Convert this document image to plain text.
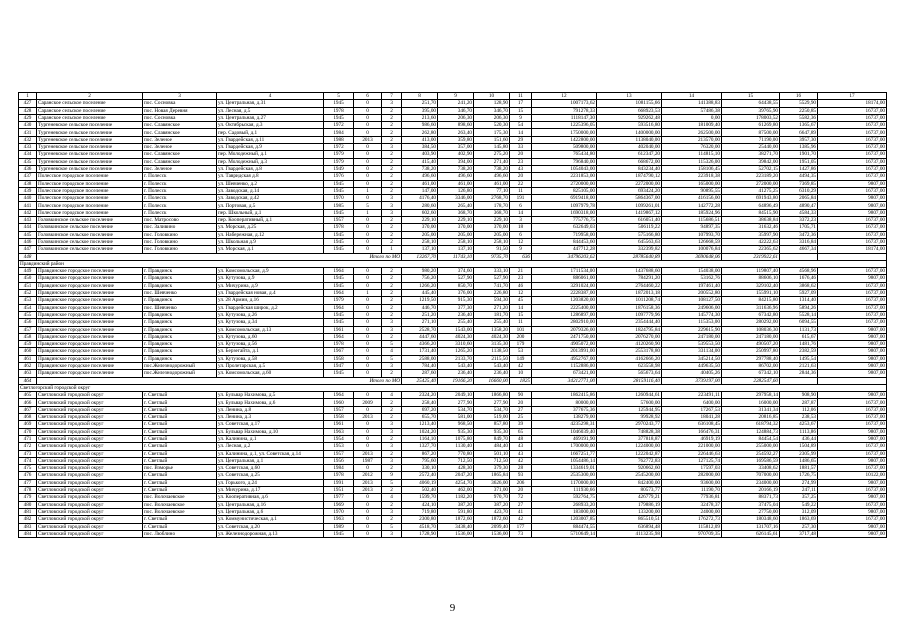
1	2	3	4	5	6	7	8	9	10	11	12	13	14	15	16	17
427	Саранское сельское поселение	пос. Сосновка	ул. Центральная, д.31	1945	0	3	251,70	241,20	128,90	17	1007173,62	1081155,66	141388,83	64438,55	5529,90	18174,00
428	Саранское сельское поселение	пос. Новая Деревня	ул. Лесная, д.5	1978	0	2	395,00	346,70	346,70	15	791278,33	668923,53	57486,38	39765,90	2250,85	16737,00
429	Саранское сельское поселение	пос. Сосновка	ул. Центральная, д.27	1945	0	2	213,60	206,30	206,30	9	1118147,30	929262,48	0,00	178003,52	5582,36	16737,00
430	Тургеневское сельское поселение	пос. Славянское	ул. Октябрьская, д.3	1972	0	2	986,60	898,60	520,30	54	1225396,05	593516,80	181009,40	61269,80	1365,67	16737,00
431	Тургеневское сельское поселение	пос. Славянское	пер. Садовый, д.1	1984	0	2	262,80	263,40	175,30	14	1750000,00	1400000,00	262500,00	87500,00	6647,89	16737,00
432	Тургеневское сельское поселение	пос. Зеленое	ул. Гвардейская, д.11	1988	2013	2	413,00	359,80	151,60	29	1422800,00	1138040,00	213570,00	71190,00	3957,30	16737,00
433	Тургеневское сельское поселение	пос. Зеленое	ул. Гвардейская, д.9	1972	0	3	384,50	357,00	145,80	33	509800,00	402040,00	76320,00	25440,00	1385,96	16737,00
434	Тургеневское сельское поселение	пос. Славянское	пер. Молодежный, д.1	1979	0	2	403,90	402,90	275,20	20	765434,80	612347,20	114815,10	38271,70	1901,70	16737,00
435	Тургеневское сельское поселение	пос. Славянское	пер. Молодежный, д.3	1979	0	2	415,40	394,00	271,40	23	796840,00	668672,00	115326,00	39842,00	1951,05	16737,00
436	Тургеневское сельское поселение	пос. Зеленое	ул. Гвардейская, д.8	1949	0	2	738,20	738,20	738,20	43	1054043,00	843234,40	158106,45	52702,15	1427,86	16737,00
437	Полесское городское поселение	г. Полесск	ул. Тавридская д.8	1976	0	2	496,60	496,60	496,60	20	2231853,00	1874790,12	223918,38	223189,20	4494,35	16737,00
438	Полесское городское поселение	г. Полесск	ул. Шевченко, д.2	1945	0	2	461,00	461,00	461,00	22	2720000,00	2272000,00	165000,00	272000,00	7369,85	9807,00
439	Полесское городское поселение	г. Полесск	ул. Заводская, д.14	1945	1	2	147,00	126,80	77,10	11	825105,00	693424,20	90895,55	41275,25	6310,29	16737,00
440	Полесское городское поселение	г. Полесск	ул. Заводская, д.42	1970	0	3	4176,40	3346,00	2768,70	191	6919418,00	5864367,00	416156,00	691943,80	2065,84	9807,00
441	Полесское городское поселение	г. Полесск	ул. Портовая, д.5	1985	5	3	280,60	265,40	178,70	6	1097979,78	1099261,01	142772,28	64896,49	4890,47	9807,00
442	Полесское городское поселение	г. Полесск	пер. Школьный, д.1	1945	1	3	602,60	368,70	368,70	14	1690318,00	1419867,12	185924,96	84515,90	4584,33	9807,00
443	Головкинское сельское поселение	пос. Матросово	пер. Кооперативный, д.1	1957	0	2	229,10	229,10	229,10	3	775776,75	616051,40	115686,51	38638,84	3372,23	16737,00
444	Головкинское сельское поселение	пос. Заливино	ул. Морская, д.25	1978	0	2	370,00	370,00	370,00	18	632649,03	506119,22	94897,35	31632,46	1705,71	16737,00
445	Головкинское сельское поселение	пос. Головкино	ул. Набережная, д.12	1945	0	2	205,00	205,00	205,00	6	719958,00	575166,80	107993,70	35997,90	3472,36	16737,00
446	Головкинское сельское поселение	пос. Головкино	ул. Школьная д.9	1945	0	2	258,10	258,10	258,10	12	844453,60	645563,63	126668,59	42222,63	3316,84	16737,00
447	Головкинское сельское поселение	пос. Головкино	ул. Морская, д.1	1945	0	1	137,10	137,10	91,50	9	447712,28	332399,82	100076,84	22365,62	4667,34	18174,00
448	Итого по МО						13267,70	11743,10	9735,70	636	34796203,62	28785640,89	3690648,06	2319922,61		
Правдинский район																
449	Правдинское городское поселение	г. Правдинск	ул. Комсомольская, д.9	1964	0	2	980,20	374,60	333,10	21	1711534,00	1437688,60	154038,00	119807,40	4568,96	16737,00
450	Правдинское городское поселение	г. Правдинск	ул. Кутузова, д.9	1945	0	2	756,20	527,90	527,90	23	886061,00	784291,20	53162,76	88606,10	1676,46	9807,00
451	Правдинское городское поселение	г. Правдинск	ул. Мичурина, д.9	1945	0	2	1266,20	850,70	741,70	46	3291024,00	2764460,22	197461,40	329102,40	3868,62	16737,00
452	Правдинское городское поселение	пос. Шевченко	ул. Гвардейская новая, д.4	1964	1	2	445,40	376,00	226,80	12	2228387,00	1872013,18	200552,80	155991,10	5927,09	16737,00
453	Правдинское городское поселение	г. Правдинск	ул. 28 Армии, д.16	1979	0	2	1219,50	915,30	594,30	45	1203820,00	1011208,74	108127,50	84215,80	1314,40	16737,00
454	Правдинское городское поселение	пос. Шевченко	ул. Гвардейская широк, д.2	1964	0	2	446,70	377,30	271,20	14	2225400,00	1876158,36	249606,00	311636,96	5894,26	16737,00
455	Правдинское городское поселение	г. Правдинск	ул. Кутузова, д.26	1945	0	2	251,20	236,40	181,70	15	1286897,00	1097779,96	145774,30	67342,80	5528,14	16737,00
456	Правдинское городское поселение	г. Правдинск	ул. Кутузова, д.34	1945	0	3	271,10	255,40	255,40	11	2802910,00	2354444,40	115353,00	280292,00	6094,55	16737,00
457	Правдинское городское поселение	г. Правдинск	ул. Комсомольская, д.13	1961	0	3	2528,70	1543,00	1358,20	101	2079326,00	1824795,84	229615,90	108036,30	1131,73	9807,00
458	Правдинское городское поселение	г. Правдинск	ул. Кутузова, д.60	1964	0	2	4447,60	4024,30	4024,30	200	2471750,00	2076270,00	247180,00	247180,00	615,67	9807,00
459	Правдинское городское поселение	г. Правдинск	ул. Кутузова, д.56	1978	0	5	4366,20	3310,60	3135,30	179	4905072,00	4120260,90	539553,50	490507,20	1481,76	9807,00
460	Правдинское городское поселение	г. Правдинск	ул. Берзегайта, д.1	1967	0	4	1731,40	1265,20	1138,50	53	2013991,00	2553178,80	331134,00	250997,80	2382,59	9807,00
461	Правдинское городское поселение	г. Правдинск	ул. Кутузова, д.58	1958	0	5	2588,00	2133,70	2115,50	149	4952767,00	4162666,20	345214,50	297788,40	1495,54	9807,00
462	Правдинское городское поселение	пос.Железнодорожный	ул. Пролетарская, д.5	1947	0	3	784,40	543,40	543,40	42	1152886,00	623558,98	449635,50	86702,00	2121,63	9807,00
463	Правдинское городское поселение	пос.Железнодорожный	ул. Комсомольская, д.60	1945	0	2	287,60	236,40	236,40	10	673421,00	565673,64	40405,26	67342,10	2844,36	9807,00
464	Итого по МО						25425,40	19166,20	16660,00	1825	34212771,00	28159116,40	3739197,00	2282547,60		
Светлогорский городской округ																
465	Светловский городской округ	г. Светлый	ул. Бульвар Нахимова, д.5	1964	0	4	2324,20	2049,10	1866,80	90	1862415,86	1260944,61	223491,11	297958,14	908,90	9807,00
466	Светловский городской округ	г. Светлый	ул. Бульвар Нахимова, д.6	1960	2009	2	258,40	277,90	277,90	20	80000,00	57600,00	6400,00	16000,00	287,87	16737,00
467	Светловский городской округ	г. Светлый	ул. Ленина, д.8	1957	0	2	697,20	534,70	534,70	27	377675,36	125944,95	17267,53	31341,34	112,06	16737,00
468	Светловский городской округ	г. Светлый	ул. Ленина, д.3	1958	2013	2	655,70	581,00	519,00	25	138279,00	99928,92	18041,28	20816,85	238,53	16737,00
469	Светловский городской округ	г. Светлый	ул. Советская, д.17	1961	0	3	1213,40	968,50	857,80	39	4235298,31	2970243,77	636108,45	618794,32	4253,67	16737,00
470	Светловский городской округ	г. Светлый	ул. Бульвар Нахимова, д.10	1963	0	3	1024,20	935,30	935,30	65	1046039,40	748828,38	166476,31	124884,73	1113,86	9807,00
471	Светловский городской округ	г. Светлый	ул. Калинина, д.1	1954	0	2	1164,10	1075,80	849,70	48	469191,90	377818,87	46919,19	84454,54	436,44	9807,00
472	Светловский городской округ	г. Светлый	ул. Лесная, д.2	1953	0	3	1327,70	1130,40	484,40	43	1700000,00	1224000,00	221000,00	255000,00	1504,89	16737,00
473	Светловский городской округ	г. Светлый	ул. Калинина, д.1, ул. Советская, д.14	1957	2013	2	867,20	770,80	501,10	43	1667251,77	1222042,87	226446,63	254592,27	2305,99	16737,00
474	Светловский городской округ	г. Светлый	ул. Центральная, д.1	1956	1987	3	795,60	712,50	712,50	42	1054486,14	762772,83	127125,74	169586,59	1486,65	9807,00
475	Светловский городской округ	пос. Взморье	ул. Советская, д.60	1984	0	2	330,10	428,30	379,30	28	1334619,01	920662,60	17597,03	33408,62	1881,57	16737,00
476	Светловский городской округ	г. Светлый	ул. Советская, д.25	1978	2012	9	2572,40	2047,20	1865,84	93	2535300,00	2545200,00	282000,00	707000,00	1726,75	10122,00
477	Светловский городской округ	г. Светлый	ул. Горького, д.24	1991	2013	5	4060,19	4254,70	3626,00	206	1170000,00	842400,00	93600,00	234000,00	274,99	9807,00
478	Светловский городской округ	г. Светлый	ул. Мичурина, д.17	1951	2013	2	502,40	462,00	371,00	20	111930,66	80573,77	11190,70	20166,19	247,11	16737,00
479	Светловский городской округ	пос. Волочаевское	ул. Кооперативная, д.6	1977	0	4	1599,70	1182,20	970,70	72	592764,75	426779,21	77936,81	88371,73	357,25	9807,00
480	Светловский городской округ	пос. Волочаевское	ул. Центральная, д.16	1969	0	2	424,10	387,20	387,20	27	268933,20	179886,19	32478,37	37475,04	549,22	16737,00
481	Светловский городской округ	пос. Волочаевское	ул. Центральная, д.6	1970	0	3	719,80	591,80	423,70	41	183000,00	133200,00	24000,00	27750,00	312,09	9807,00
482	Светловский городской округ	г. Светлый	ул. Коммунистическая, д.1	1963	0	2	2300,80	1872,60	1872,60	42	1203007,85	865510,51	176272,73	180348,60	1863,69	16737,00
483	Светловский городской округ	г. Светлый	ул. Советская, д.20	1989	0	5	4518,70	3438,40	2099,40	177	884474,55	636894,48	115812,09	131707,16	257,30	9807,00
484	Светловский городской округ	пос. Люблино	ул. Железнодорожная, д.13	1945	0	3	1728,90	1536,00	1536,00	73	5710649,14	4113235,98	970709,35	626145,61	3717,48	9807,00
9
